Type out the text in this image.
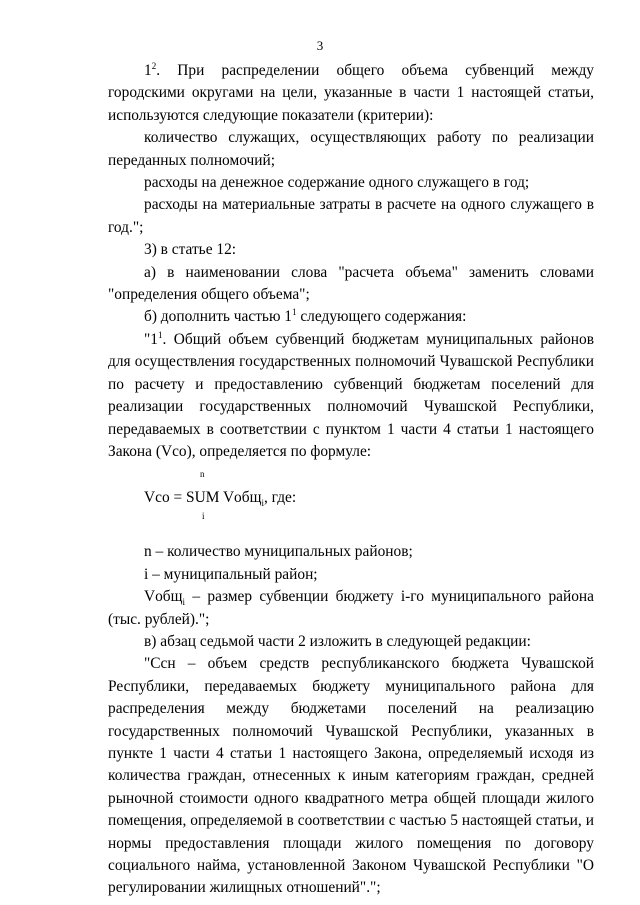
3

$1^2$. При распределении общего объема субвенций между городскими округами на цели, указанные в части 1 настоящей статьи, используются следующие показатели (критерии):

количество служащих, осуществляющих работу по реализации переданных полномочий;

расходы на денежное содержание одного служащего в год;

расходы на материальные затраты в расчете на одного служащего в год.";

3) в статье 12:

а) в наименовании слова "расчета объема" заменить словами "определения общего объема";

б) дополнить частью $1^1$ следующего содержания:

"$1^1$. Общий объем субвенций бюджетам муниципальных районов для осуществления государственных полномочий Чувашской Республики по расчету и предоставлению субвенций бюджетам поселений для реализации государственных полномочий Чувашской Республики, передаваемых в соответствии с пунктом 1 части 4 статьи 1 настоящего Закона (Vco), определяется по формуле:

n
Vco = SUM Vобщ$_i$, где:
i

n – количество муниципальных районов;

i – муниципальный район;

Vобщ$_i$ – размер субвенции бюджету i-го муниципального района (тыс. рублей).";

в) абзац седьмой части 2 изложить в следующей редакции:

"Ccн – объем средств республиканского бюджета Чувашской Республики, передаваемых бюджету муниципального района для распределения между бюджетами поселений на реализацию государственных полномочий Чувашской Республики, указанных в пункте 1 части 4 статьи 1 настоящего Закона, определяемый исходя из количества граждан, отнесенных к иным категориям граждан, средней рыночной стоимости одного квадратного метра общей площади жилого помещения, определяемой в соответствии с частью 5 настоящей статьи, и нормы предоставления площади жилого помещения по договору социального найма, установленной Законом Чувашской Республики "О регулировании жилищных отношений".";
